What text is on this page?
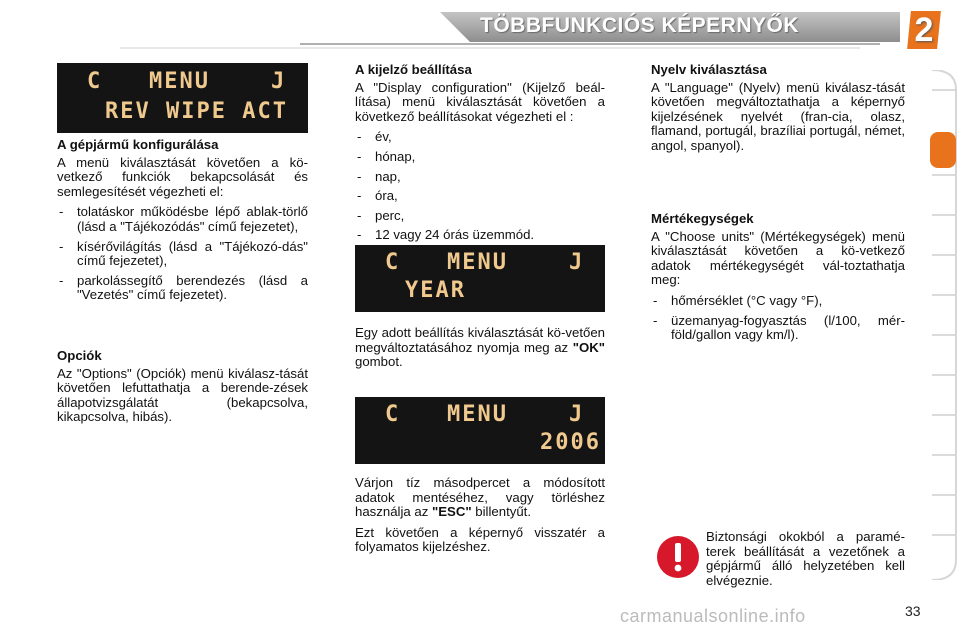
TÖBBFUNKCIÓS KÉPERNYŐK	2
C MENU	J
REV WIPE ACT
A gépjármű konfigurálása

A menü kiválasztását követően a kö-vetkező funkciók bekapcsolását és semlegesítését végezheti el:

- tolatáskor működésbe lépő ablak-törlő (lásd a "Tájékozódás" című fejezetet),
- kísérővilágítás (lásd a "Tájékozó-dás" című fejezetet),
- parkolássegítő berendezés (lásd a "Vezetés" című fejezetet).
Opciók

Az "Options" (Opciók) menü kiválasz-tását követően lefuttathatja a berende-zések állapotvizsgálatát (bekapcsolva, kikapcsolva, hibás).

A kijelző beállítása

A "Display configuration" (Kijelző beál-lítása) menü kiválasztását követően a következő beállításokat végezheti el :

- év,
- hónap,
- nap,
- óra,
- perc,
- 12 vagy 24 órás üzemmód.
C MENU	J
YEAR

Egy adott beállítás kiválasztását kö-vetően megváltoztatásához nyomja meg az "OK" gombot.

C MENU	J
2006

Várjon tíz másodpercet a módosított adatok mentéséhez, vagy törléshez használja az "ESC" billentyűt.

Ezt követően a képernyő visszatér a folyamatos kijelzéshez.

Nyelv kiválasztása

A "Language" (Nyelv) menü kiválasz-tását követően megváltoztathatja a képernyő kijelzésének nyelvét (fran-cia, olasz, flamand, portugál, brazíliai portugál, német, angol, spanyol).

Mértékegységek

A "Choose units" (Mértékegységek) menü kiválasztását követően a kö-vetkező adatok mértékegységét vál-toztathatja meg:

- hőmérséklet (°C vagy °F),
- üzemanyag-fogyasztás (l/100, mér-föld/gallon vagy km/l).

Biztonsági okokból a paramé-terek beállítását a vezetőnek a gépjármű álló helyzetében kell elvégeznie.

carmanualsonline.info	33
